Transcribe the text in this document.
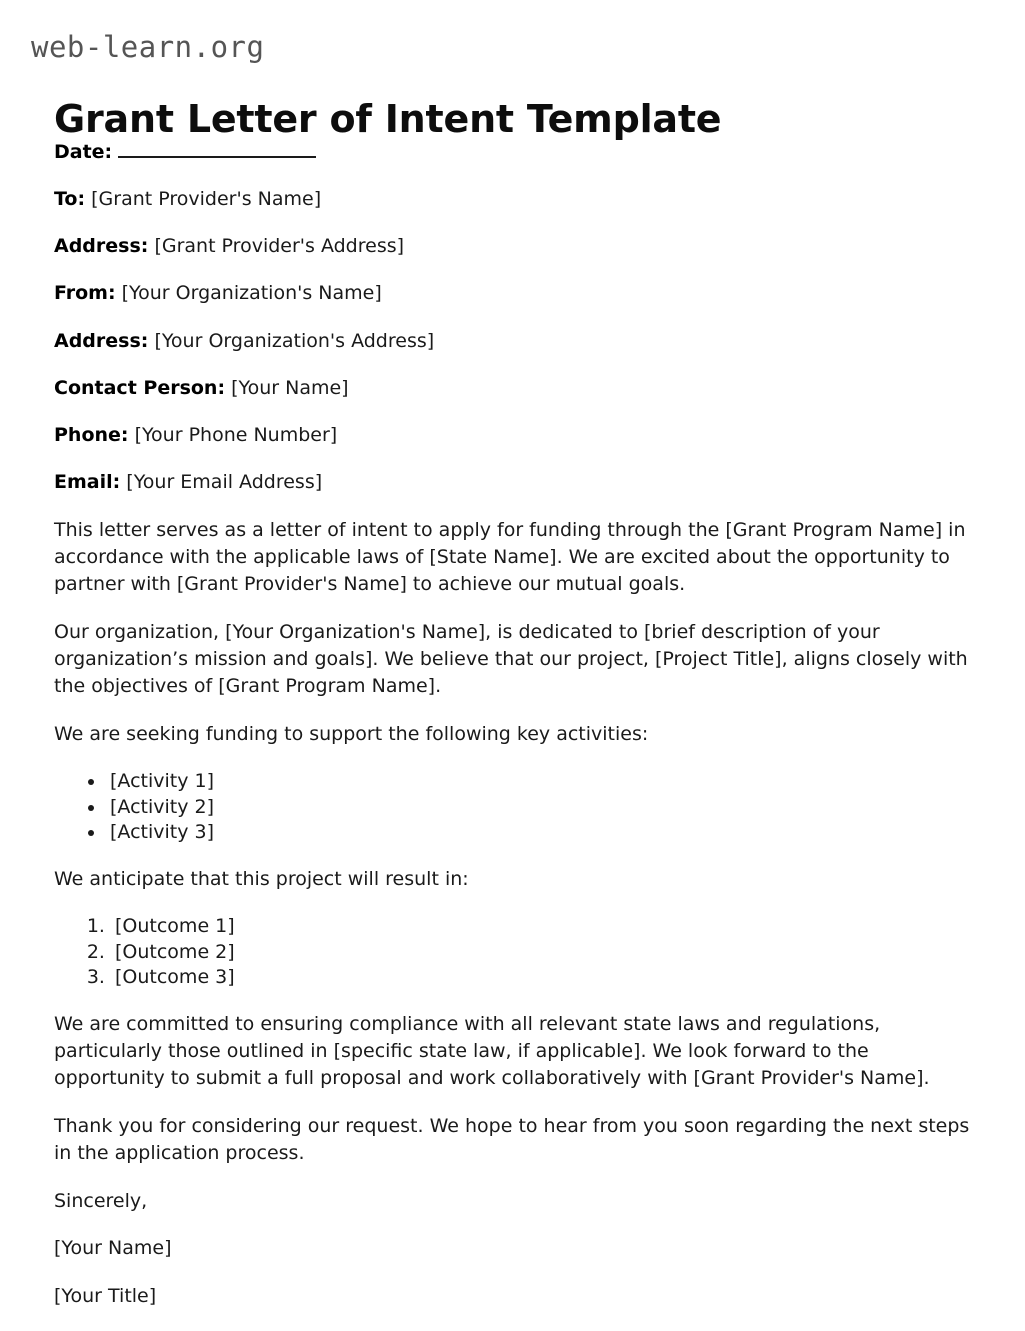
web-learn.org
Grant Letter of Intent Template

Date:

To: [Grant Provider's Name]

Address: [Grant Provider's Address]

From: [Your Organization's Name]

Address: [Your Organization's Address]

Contact Person: [Your Name]

Phone: [Your Phone Number]

Email: [Your Email Address]

This letter serves as a letter of intent to apply for funding through the [Grant Program Name] in accordance with the applicable laws of [State Name]. We are excited about the opportunity to partner with [Grant Provider's Name] to achieve our mutual goals.

Our organization, [Your Organization's Name], is dedicated to [brief description of your organization’s mission and goals]. We believe that our project, [Project Title], aligns closely with the objectives of [Grant Program Name].

We are seeking funding to support the following key activities:

• [Activity 1]
• [Activity 2]
• [Activity 3]

We anticipate that this project will result in:

1. [Outcome 1]
2. [Outcome 2]
3. [Outcome 3]

We are committed to ensuring compliance with all relevant state laws and regulations, particularly those outlined in [specific state law, if applicable]. We look forward to the opportunity to submit a full proposal and work collaboratively with [Grant Provider's Name].

Thank you for considering our request. We hope to hear from you soon regarding the next steps in the application process.

Sincerely,

[Your Name]

[Your Title]
